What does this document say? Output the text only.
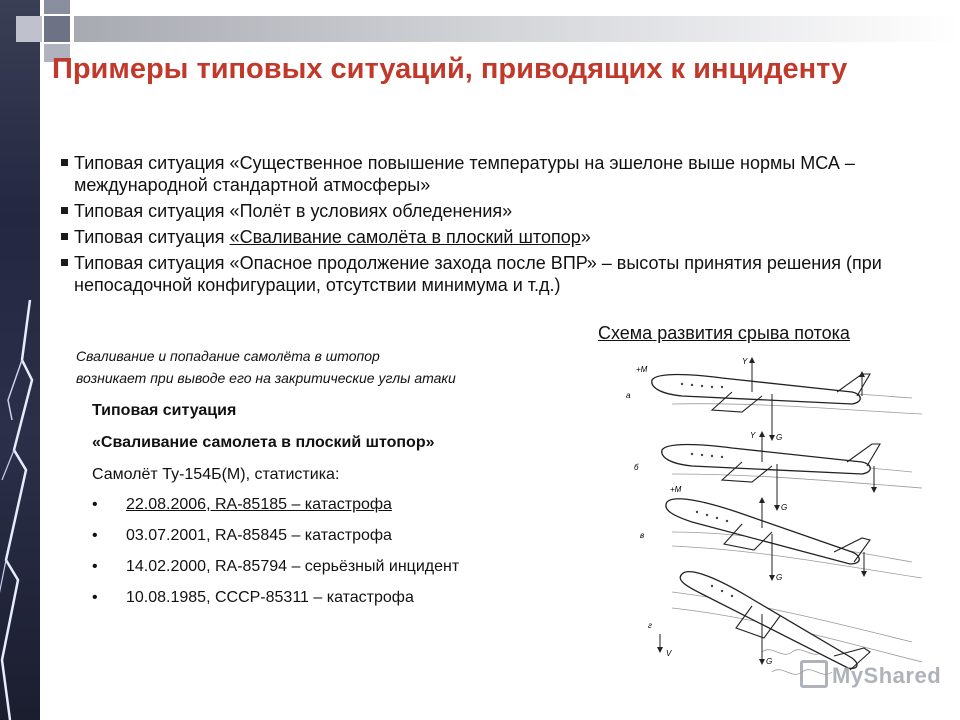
Примеры типовых ситуаций, приводящих к инциденту
Типовая ситуация «Существенное повышение температуры на эшелоне выше нормы МСА – международной стандартной атмосферы»
Типовая ситуация «Полёт в условиях обледенения»
Типовая ситуация «Сваливание самолёта в плоский штопор»
Типовая ситуация «Опасное продолжение захода после ВПР» – высоты принятия решения (при непосадочной конфигурации, отсутствии минимума и т.д.)
Схема развития срыва потока
Сваливание и попадание самолёта в штопор
возникает при выводе его на закритические углы атаки
Типовая ситуация
«Сваливание самолета в плоский штопор»
Самолёт Ту-154Б(М), статистика:
• 22.08.2006, RA-85185 – катастрофа
• 03.07.2001, RA-85845 – катастрофа
• 14.02.2000, RA-85794 – серьёзный инцидент
• 10.08.1985, СССР-85311 – катастрофа
а
Y
G
+M
б
Y
G
в
+M
G
г
V
G
MyShared
